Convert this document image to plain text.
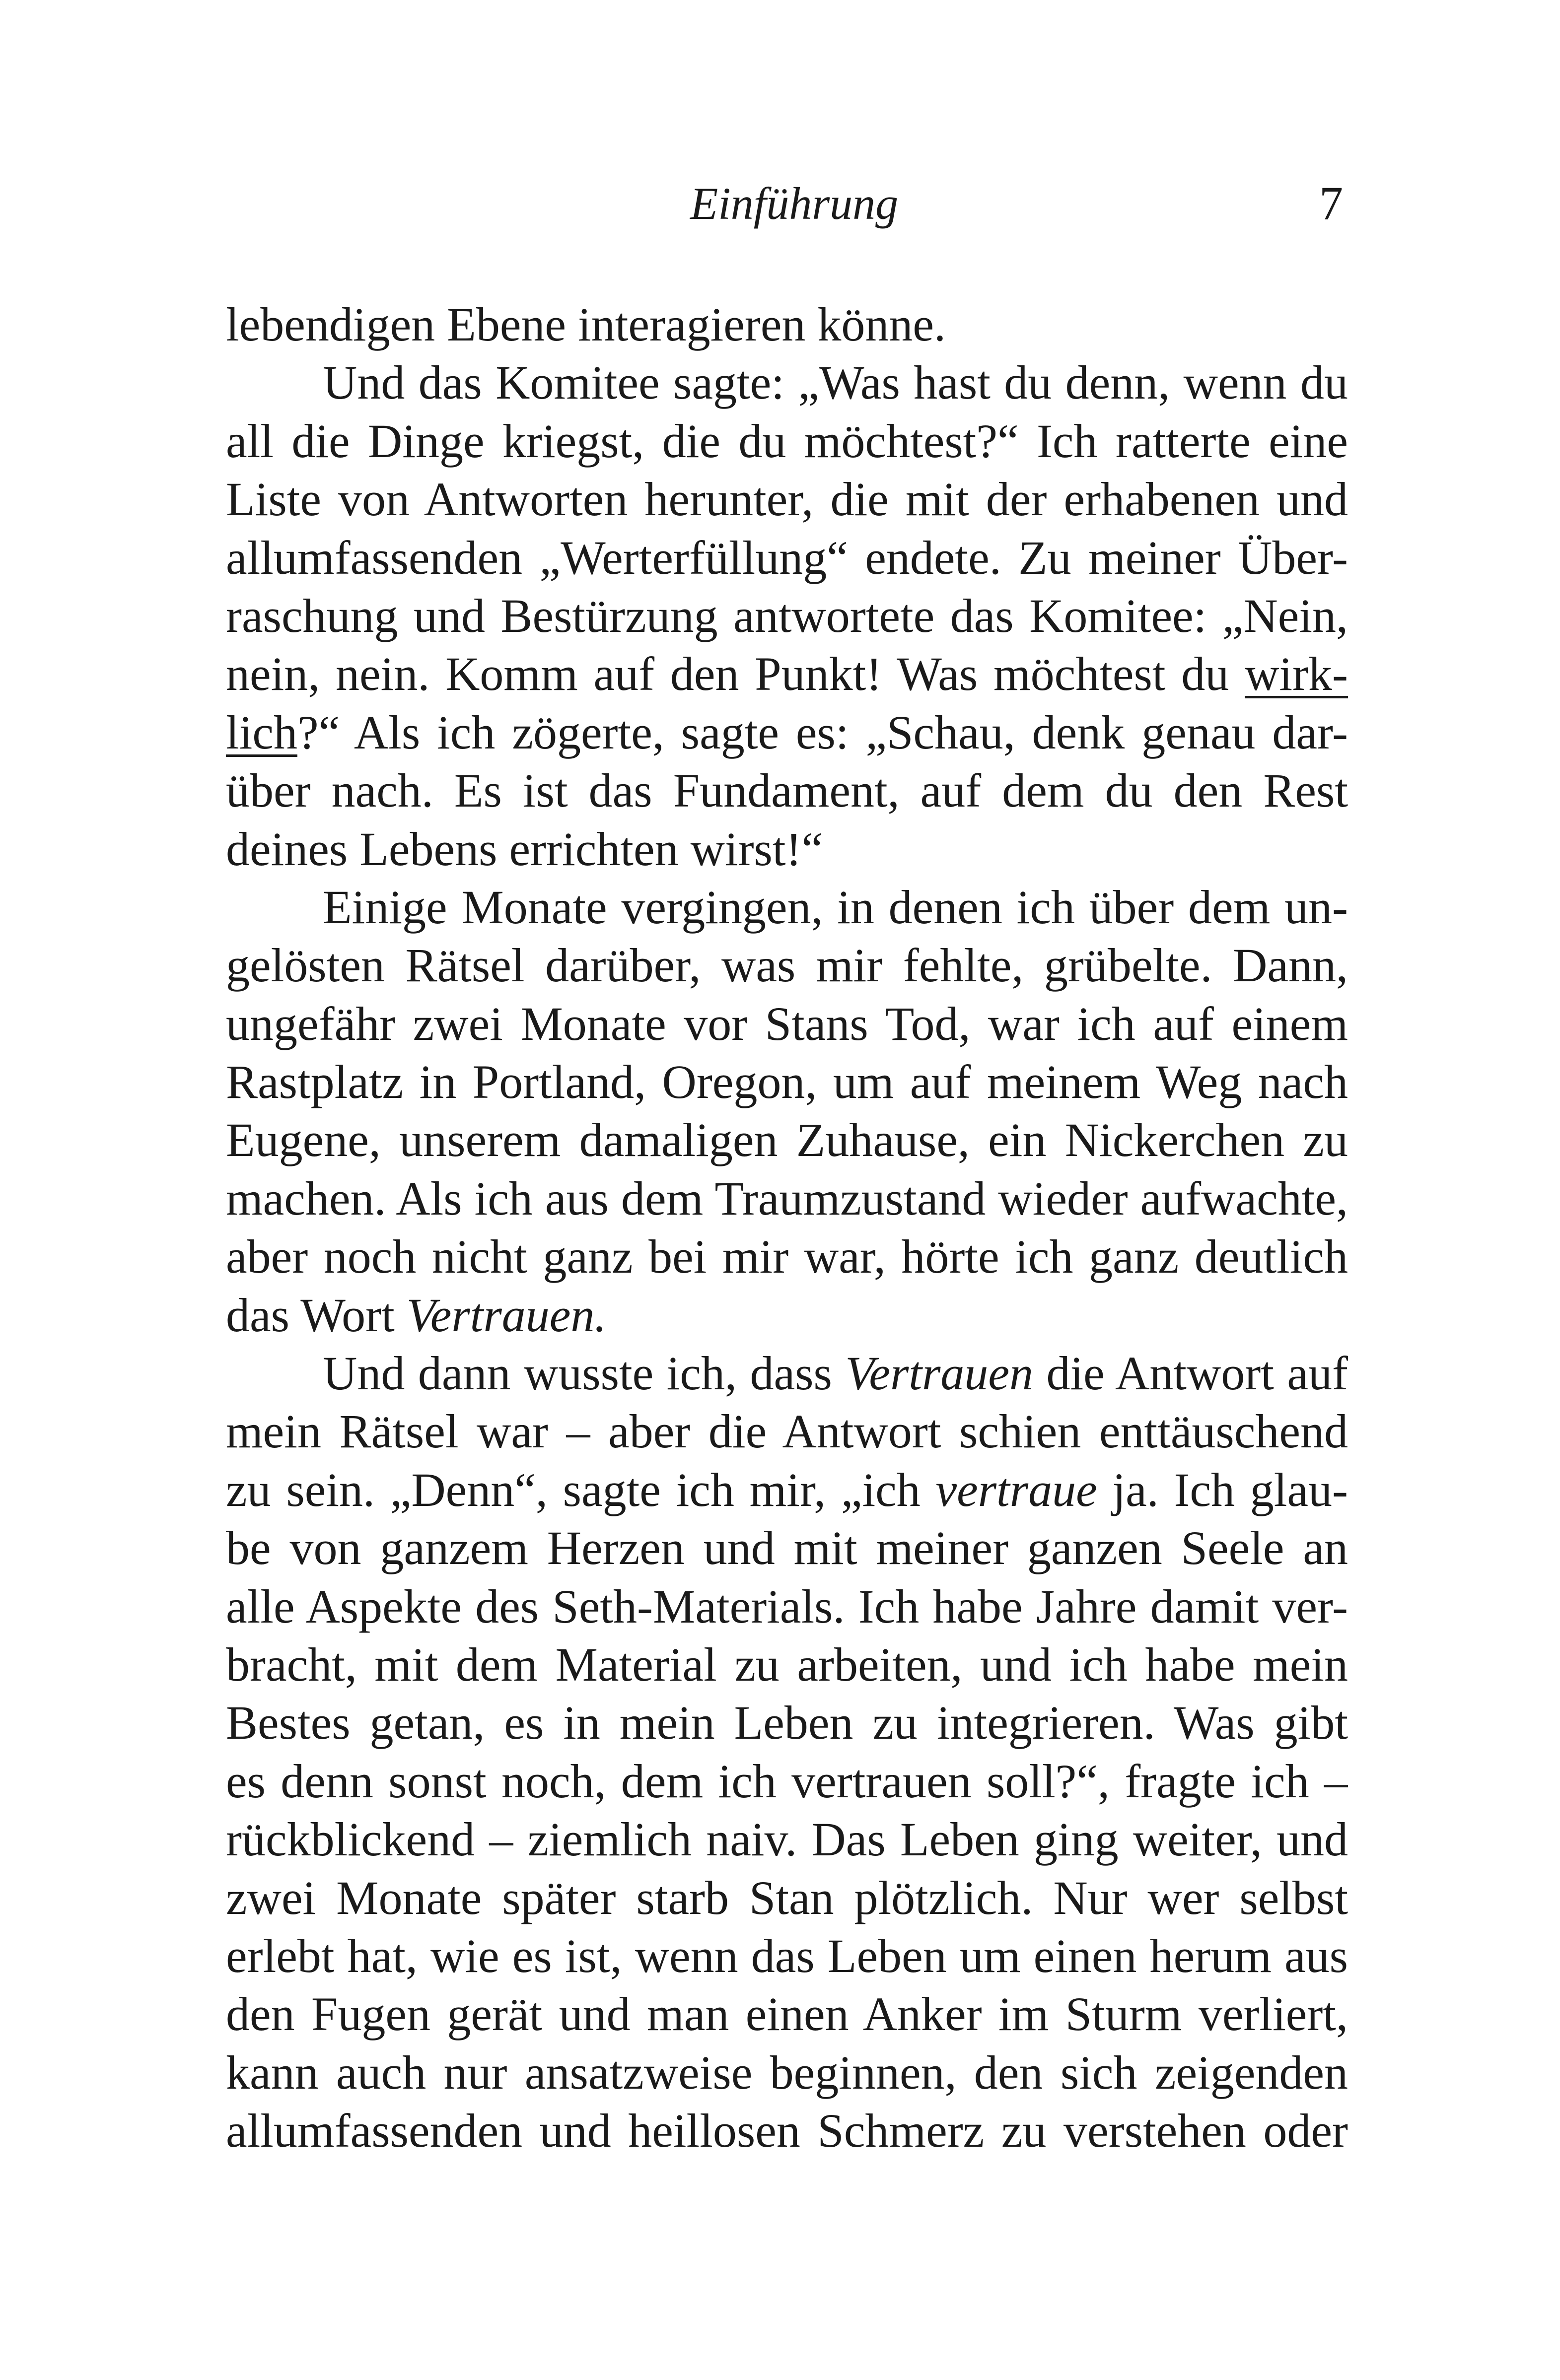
Einführung	7
lebendigen Ebene interagieren könne.
Und das Komitee sagte: „Was hast du denn, wenn du
all die Dinge kriegst, die du möchtest?“ Ich ratterte eine
Liste von Antworten herunter, die mit der erhabenen und
allumfassenden „Werterfüllung“ endete. Zu meiner Über-
raschung und Bestürzung antwortete das Komitee: „Nein,
nein, nein. Komm auf den Punkt! Was möchtest du wirk-
lich?“ Als ich zögerte, sagte es: „Schau, denk genau dar-
über nach. Es ist das Fundament, auf dem du den Rest
deines Lebens errichten wirst!“
Einige Monate vergingen, in denen ich über dem un-
gelösten Rätsel darüber, was mir fehlte, grübelte. Dann,
ungefähr zwei Monate vor Stans Tod, war ich auf einem
Rastplatz in Portland, Oregon, um auf meinem Weg nach
Eugene, unserem damaligen Zuhause, ein Nickerchen zu
machen. Als ich aus dem Traumzustand wieder aufwachte,
aber noch nicht ganz bei mir war, hörte ich ganz deutlich
das Wort Vertrauen.
Und dann wusste ich, dass Vertrauen die Antwort auf
mein Rätsel war – aber die Antwort schien enttäuschend
zu sein. „Denn“, sagte ich mir, „ich vertraue ja. Ich glau-
be von ganzem Herzen und mit meiner ganzen Seele an
alle Aspekte des Seth-Materials. Ich habe Jahre damit ver-
bracht, mit dem Material zu arbeiten, und ich habe mein
Bestes getan, es in mein Leben zu integrieren. Was gibt
es denn sonst noch, dem ich vertrauen soll?“, fragte ich –
rückblickend – ziemlich naiv. Das Leben ging weiter, und
zwei Monate später starb Stan plötzlich. Nur wer selbst
erlebt hat, wie es ist, wenn das Leben um einen herum aus
den Fugen gerät und man einen Anker im Sturm verliert,
kann auch nur ansatzweise beginnen, den sich zeigenden
allumfassenden und heillosen Schmerz zu verstehen oder
